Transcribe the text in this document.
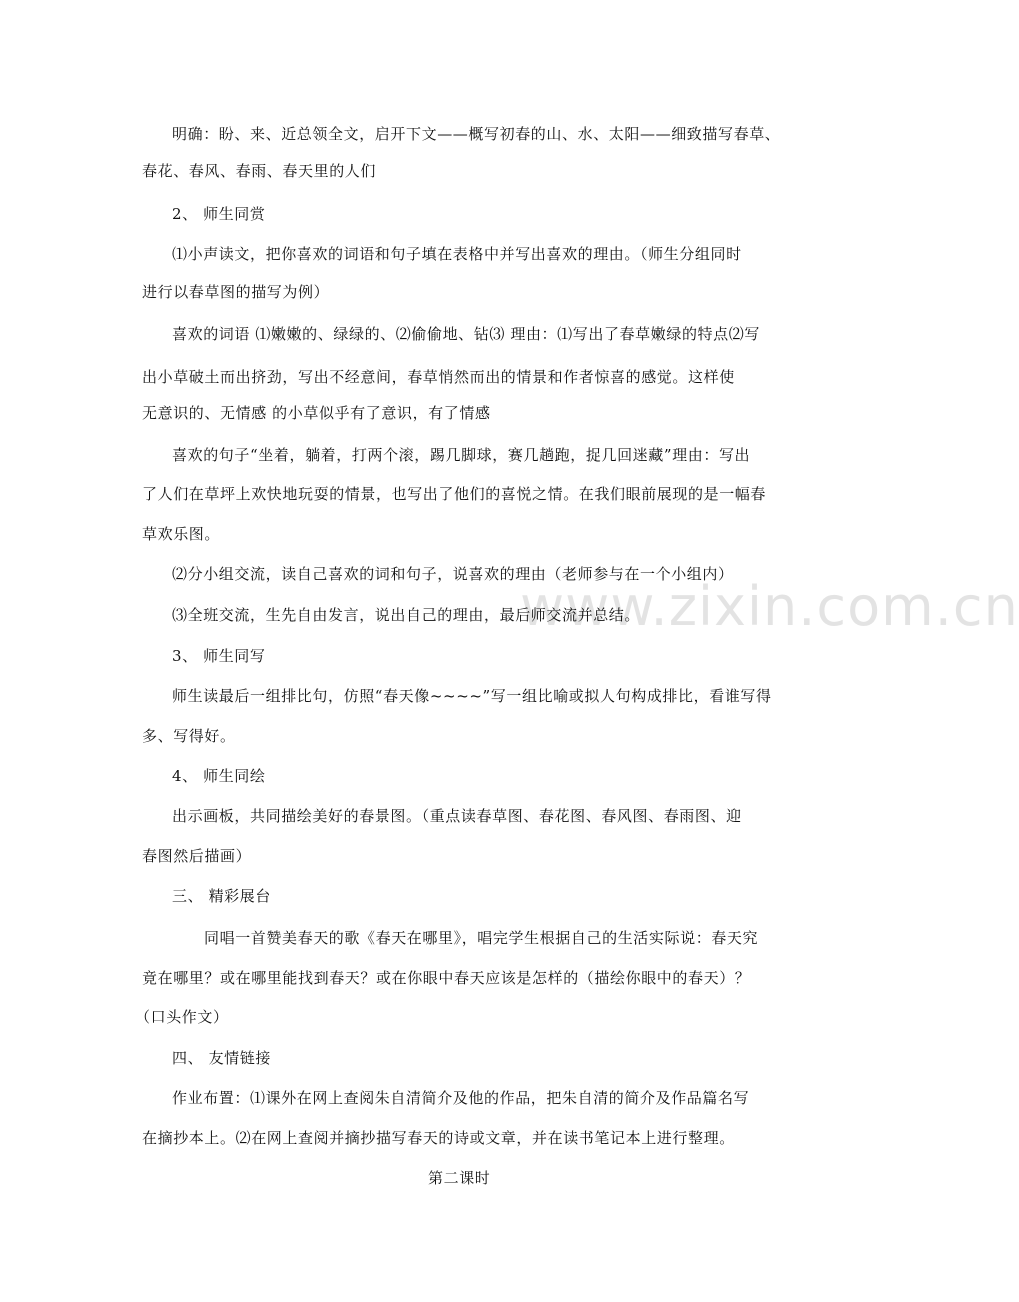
明确：盼、来、近总领全文，启开下文——概写初春的山、水、太阳——细致描写春草、
春花、春风、春雨、春天里的人们
2、 师生同赏
⑴小声读文，把你喜欢的词语和句子填在表格中并写出喜欢的理由。（师生分组同时
进行以春草图的描写为例）
喜欢的词语 ⑴嫩嫩的、绿绿的、⑵偷偷地、钻⑶ 理由：⑴写出了春草嫩绿的特点⑵写
出小草破土而出挤劲，写出不经意间，春草悄然而出的情景和作者惊喜的感觉。这样使
无意识的、无情感 的小草似乎有了意识，有了情感
喜欢的句子“坐着，躺着，打两个滚，踢几脚球，赛几趟跑，捉几回迷藏”理由：写出
了人们在草坪上欢快地玩耍的情景，也写出了他们的喜悦之情。在我们眼前展现的是一幅春
草欢乐图。
⑵分小组交流，读自己喜欢的词和句子，说喜欢的理由（老师参与在一个小组内）
⑶全班交流，生先自由发言，说出自己的理由，最后师交流并总结。
3、 师生同写
师生读最后一组排比句，仿照“春天像~~~~”写一组比喻或拟人句构成排比，看谁写得
多、写得好。
4、 师生同绘
出示画板，共同描绘美好的春景图。（重点读春草图、春花图、春风图、春雨图、迎
春图然后描画）
三、 精彩展台
同唱一首赞美春天的歌《春天在哪里》，唱完学生根据自己的生活实际说：春天究
竟在哪里？或在哪里能找到春天？或在你眼中春天应该是怎样的（描绘你眼中的春天）？
（口头作文）
四、 友情链接
作业布置：⑴课外在网上查阅朱自清简介及他的作品，把朱自清的简介及作品篇名写
在摘抄本上。⑵在网上查阅并摘抄描写春天的诗或文章，并在读书笔记本上进行整理。
第二课时
www.zixin.com.cn
